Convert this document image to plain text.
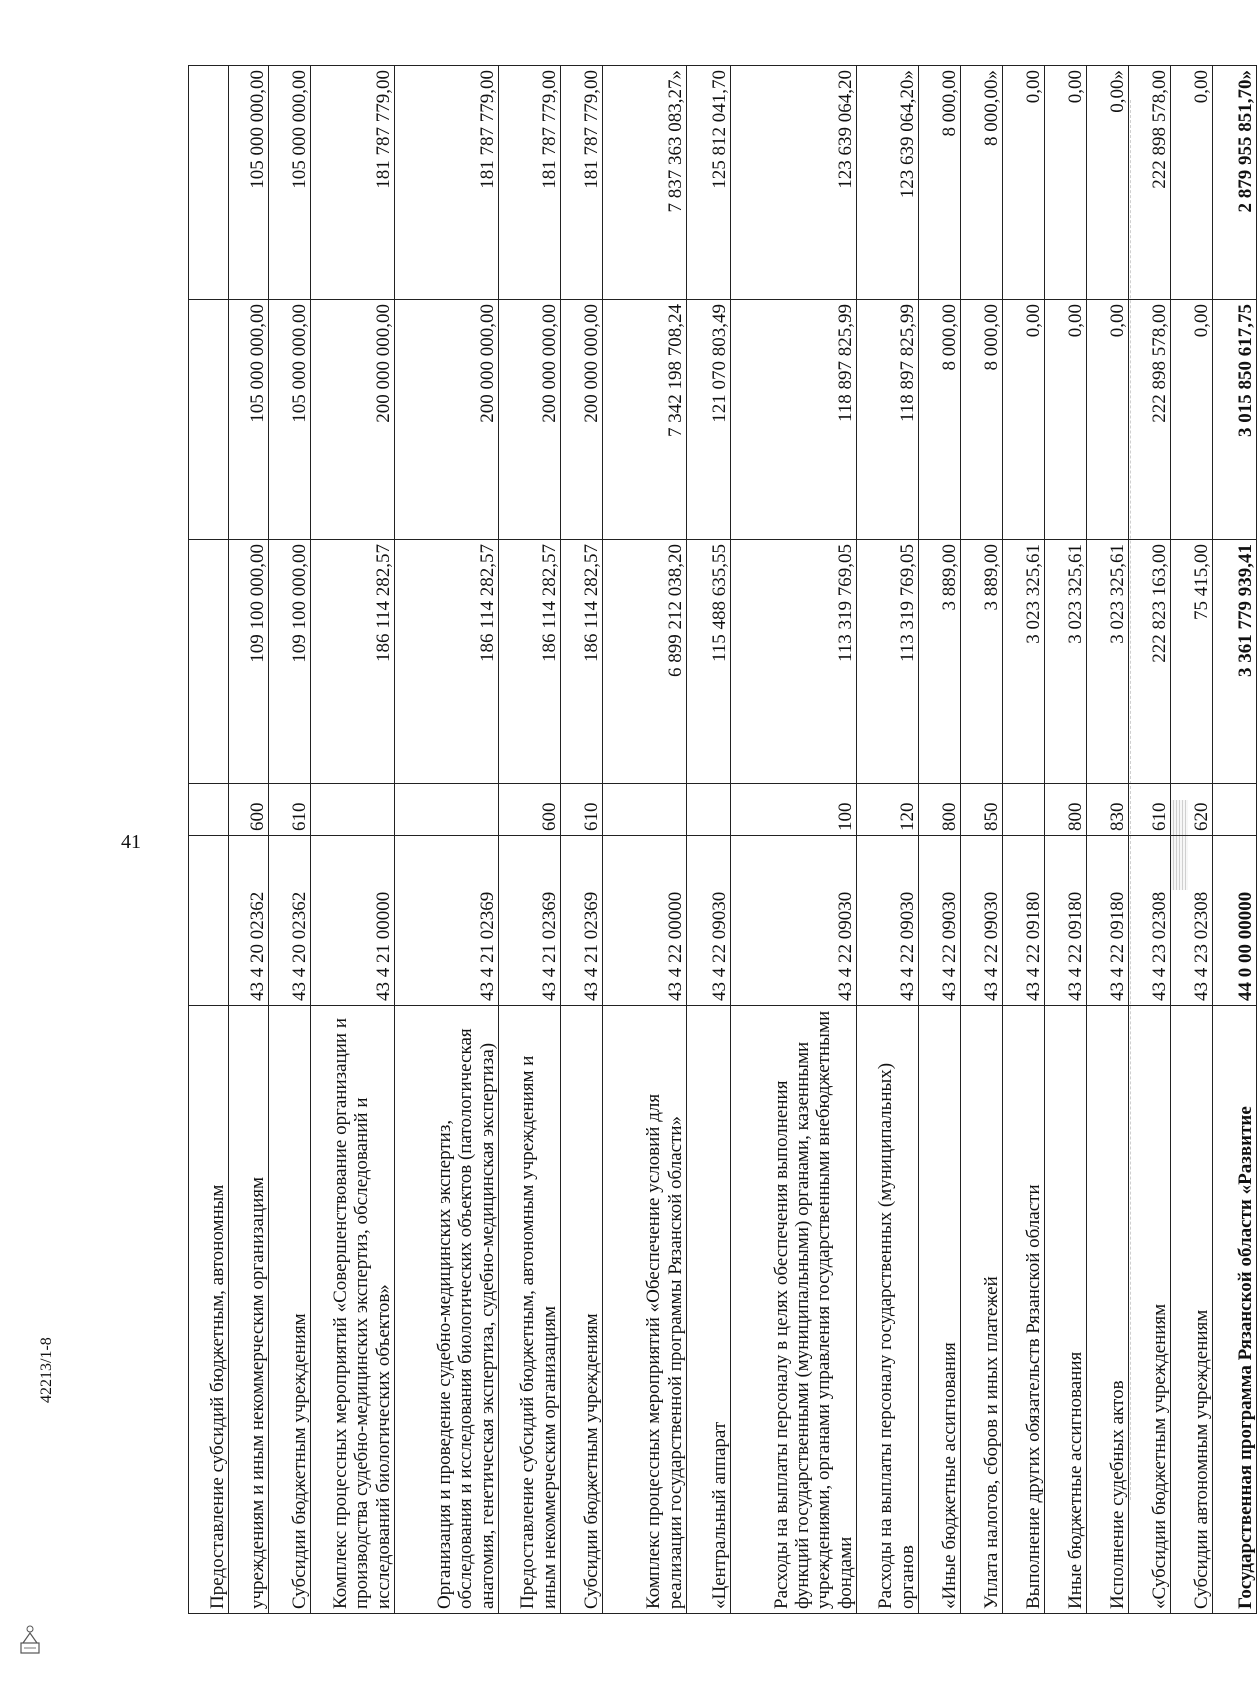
41
42213/1-8	Предоставление субсидий бюджетным, автономным					
учреждениям и иным некоммерческим организациям	43 4 20 02362	600	109 100 000,00	105 000 000,00	105 000 000,00
Субсидии бюджетным учреждениям	43 4 20 02362	610	109 100 000,00	105 000 000,00	105 000 000,00
Комплекс процессных мероприятий «Совершенствование организации и производства судебно-медицинских экспертиз, обследований и исследований биологических объектов»	43 4 21 00000		186 114 282,57	200 000 000,00	181 787 779,00
Организация и проведение судебно-медицинских экспертиз, обследования и исследования биологических объектов (патологическая анатомия, генетическая экспертиза, судебно-медицинская экспертиза)	43 4 21 02369		186 114 282,57	200 000 000,00	181 787 779,00
Предоставление субсидий бюджетным, автономным учреждениям и иным некоммерческим организациям	43 4 21 02369	600	186 114 282,57	200 000 000,00	181 787 779,00
Субсидии бюджетным учреждениям	43 4 21 02369	610	186 114 282,57	200 000 000,00	181 787 779,00
Комплекс процессных мероприятий «Обеспечение условий для реализации государственной программы Рязанской области»	43 4 22 00000		6 899 212 038,20	7 342 198 708,24	7 837 363 083,27»
«Центральный аппарат	43 4 22 09030		115 488 635,55	121 070 803,49	125 812 041,70
Расходы на выплаты персоналу в целях обеспечения выполнения функций государственными (муниципальными) органами, казенными учреждениями, органами управления государственными внебюджетными фондами	43 4 22 09030	100	113 319 769,05	118 897 825,99	123 639 064,20
Расходы на выплаты персоналу государственных (муниципальных) органов	43 4 22 09030	120	113 319 769,05	118 897 825,99	123 639 064,20»
«Иные бюджетные ассигнования	43 4 22 09030	800	3 889,00	8 000,00	8 000,00
Уплата налогов, сборов и иных платежей	43 4 22 09030	850	3 889,00	8 000,00	8 000,00»
Выполнение других обязательств Рязанской области	43 4 22 09180		3 023 325,61	0,00	0,00
Иные бюджетные ассигнования	43 4 22 09180	800	3 023 325,61	0,00	0,00
Исполнение судебных актов	43 4 22 09180	830	3 023 325,61	0,00	0,00»
«Субсидии бюджетным учреждениям	43 4 23 02308	610	222 823 163,00	222 898 578,00	222 898 578,00
Субсидии автономным учреждениям	43 4 23 02308	620	75 415,00	0,00	0,00
Государственная программа Рязанской области «Развитие	44 0 00 00000		3 361 779 939,41	3 015 850 617,75	2 879 955 851,70»
